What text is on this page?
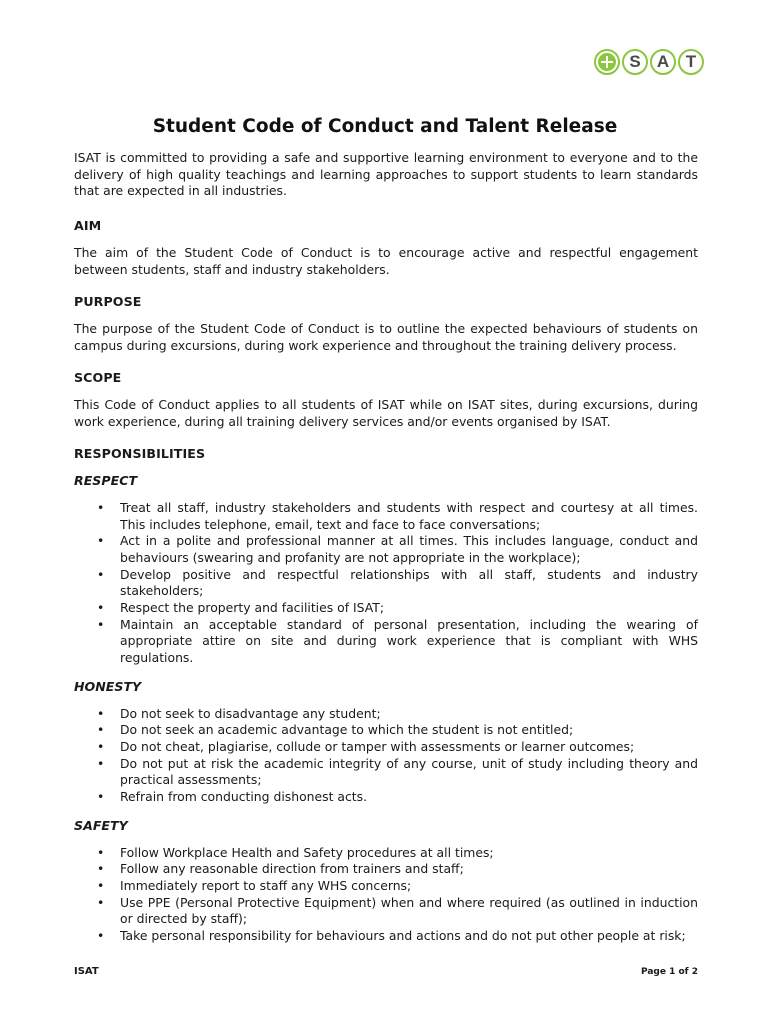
S A T
Student Code of Conduct and Talent Release

ISAT is committed to providing a safe and supportive learning environment to everyone and to the delivery of high quality teachings and learning approaches to support students to learn standards that are expected in all industries.

AIM

The aim of the Student Code of Conduct is to encourage active and respectful engagement between students, staff and industry stakeholders.

PURPOSE

The purpose of the Student Code of Conduct is to outline the expected behaviours of students on campus during excursions, during work experience and throughout the training delivery process.

SCOPE

This Code of Conduct applies to all students of ISAT while on ISAT sites, during excursions, during work experience, during all training delivery services and/or events organised by ISAT.

RESPONSIBILITIES
RESPECT
• Treat all staff, industry stakeholders and students with respect and courtesy at all times. This includes telephone, email, text and face to face conversations;
• Act in a polite and professional manner at all times. This includes language, conduct and behaviours (swearing and profanity are not appropriate in the workplace);
• Develop positive and respectful relationships with all staff, students and industry stakeholders;
• Respect the property and facilities of ISAT;
• Maintain an acceptable standard of personal presentation, including the wearing of appropriate attire on site and during work experience that is compliant with WHS regulations.
HONESTY
• Do not seek to disadvantage any student;
• Do not seek an academic advantage to which the student is not entitled;
• Do not cheat, plagiarise, collude or tamper with assessments or learner outcomes;
• Do not put at risk the academic integrity of any course, unit of study including theory and practical assessments;
• Refrain from conducting dishonest acts.
SAFETY
• Follow Workplace Health and Safety procedures at all times;
• Follow any reasonable direction from trainers and staff;
• Immediately report to staff any WHS concerns;
• Use PPE (Personal Protective Equipment) when and where required (as outlined in induction or directed by staff);
• Take personal responsibility for behaviours and actions and do not put other people at risk;
ISAT	Page 1 of 2
